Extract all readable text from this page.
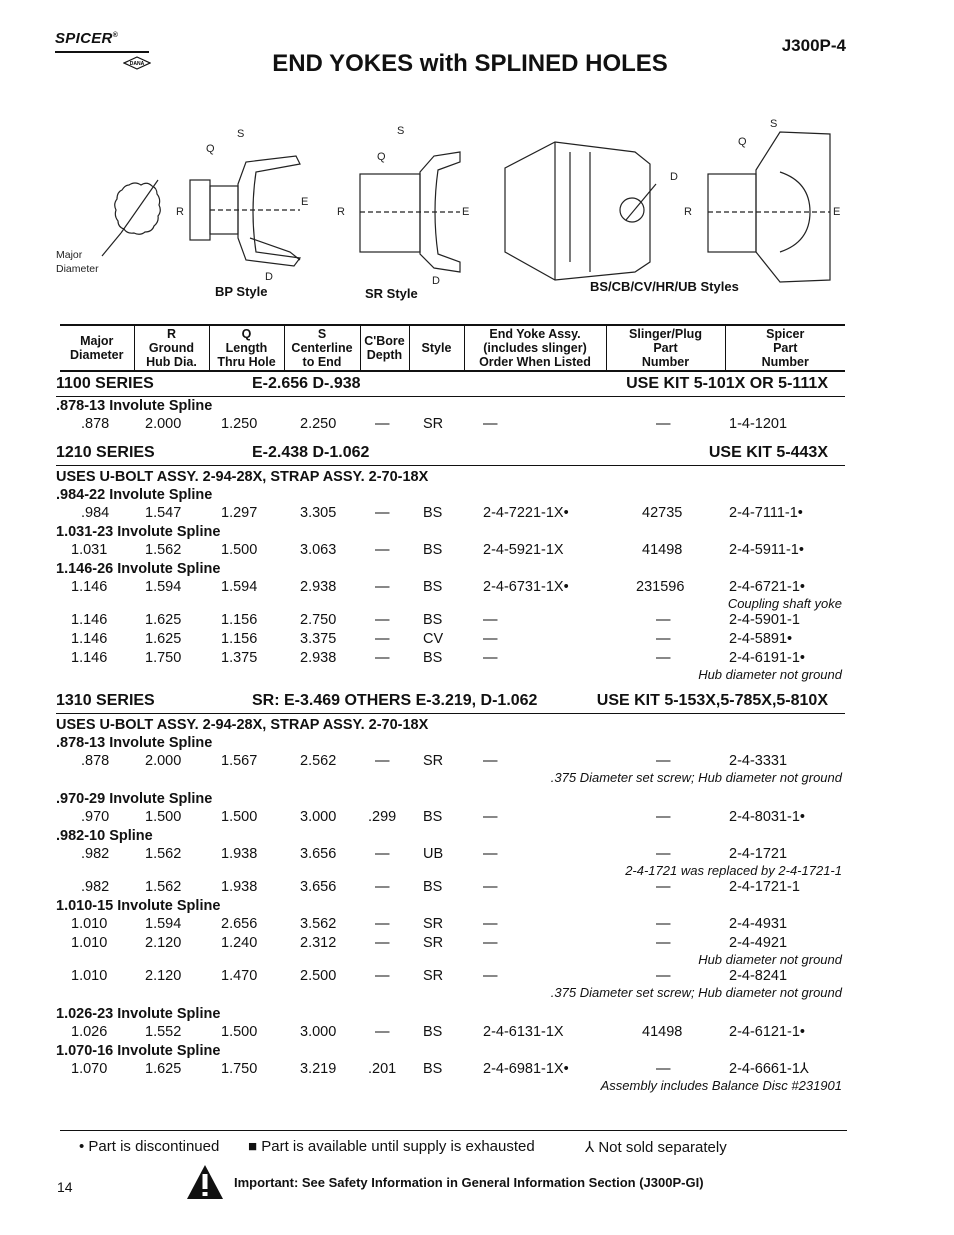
SPICER®
DANA
J300P-4
END YOKES with SPLINED HOLES
S
Q
R
E
D
Major
Diameter
S
Q
R	E
D
D
S
Q
R	E
BP Style	SR Style	BS/CB/CV/HR/UB Styles
Major
Diameter

R
Ground
Hub Dia.

Q
Length
Thru Hole

S
Centerline
to End

C'Bore
Depth	Style

End Yoke Assy.
(includes slinger)
Order When Listed

Slinger/Plug
Part
Number

Spicer
Part
Number
1100 SERIES	E-2.656 D-.938	USE KIT 5-101X OR 5-111X
.878-13 Involute Spline
.878 2.000	1.250	2.250	— SR	—	—	1-4-1201
1210 SERIES	E-2.438 D-1.062	USE KIT 5-443X
USES U-BOLT ASSY. 2-94-28X, STRAP ASSY. 2-70-18X
.984-22 Involute Spline
.984 1.547	1.297	3.305	— BS	2-4-7221-1X•	42735	2-4-7111-1•
1.031-23 Involute Spline
1.031	1.562	1.500	3.063	— BS	2-4-5921-1X	41498	2-4-5911-1•
1.146-26 Involute Spline
1.146	1.594	1.594	2.938	— BS	2-4-6731-1X•	231596	2-4-6721-1•
Coupling shaft yoke
1.146	1.625	1.156	2.750	— BS	—	—	2-4-5901-1
1.146	1.625	1.156	3.375	— CV	—	—	2-4-5891•
1.146	1.750	1.375	2.938	— BS	—	—	2-4-6191-1•
Hub diameter not ground
1310 SERIES	SR: E-3.469 OTHERS E-3.219, D-1.062	USE KIT 5-153X,5-785X,5-810X
USES U-BOLT ASSY. 2-94-28X, STRAP ASSY. 2-70-18X
.878-13 Involute Spline
.878 2.000	1.567	2.562	— SR	—	—	2-4-3331
.375 Diameter set screw; Hub diameter not ground
.970-29 Involute Spline
.970 1.500	1.500	3.000 .299 BS	—	—	2-4-8031-1•
.982-10 Spline
.982 1.562	1.938	3.656	— UB	—	—	2-4-1721
2-4-1721 was replaced by 2-4-1721-1
.982 1.562	1.938	3.656	— BS	—	—	2-4-1721-1
1.010-15 Involute Spline
1.010	1.594	2.656	3.562	— SR	—	—	2-4-4931
1.010	2.120	1.240	2.312	— SR	—	—	2-4-4921
Hub diameter not ground
1.010	2.120	1.470	2.500	— SR	—	—	2-4-8241
.375 Diameter set screw; Hub diameter not ground
1.026-23 Involute Spline
1.026	1.552	1.500	3.000	— BS	2-4-6131-1X	41498	2-4-6121-1•
1.070-16 Involute Spline
1.070	1.625	1.750	3.219 .201 BS	2-4-6981-1X•	—	2-4-6661-1⅄
Assembly includes Balance Disc #231901
• Part is discontinued ■ Part is available until supply is exhausted	⅄ Not sold separately
14	Important: See Safety Information in General Information Section (J300P-GI)
